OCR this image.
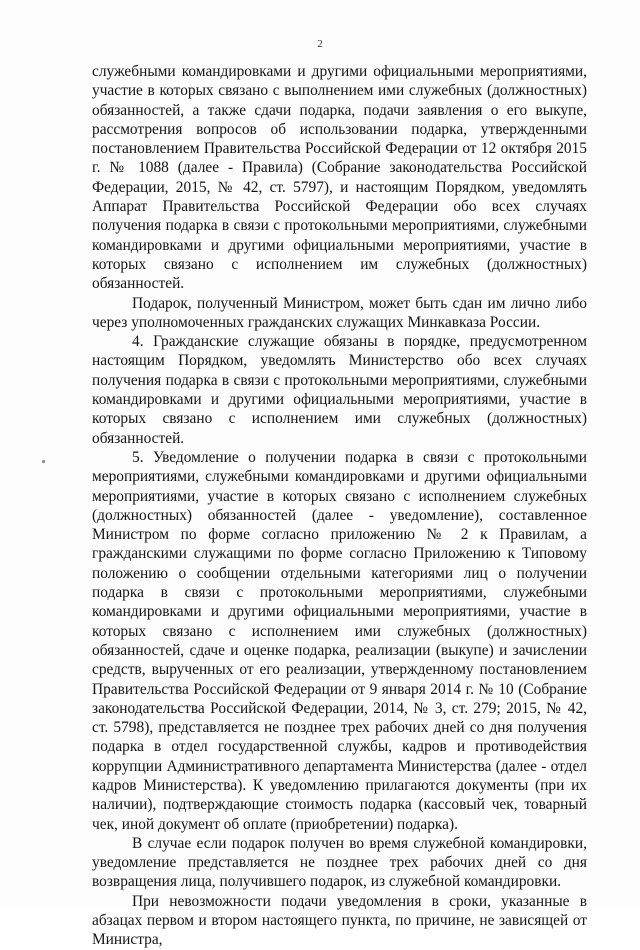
2

служебными командировками и другими официальными мероприятиями, участие в которых связано с выполнением ими служебных (должностных) обязанностей, а также сдачи подарка, подачи заявления о его выкупе, рассмотрения вопросов об использовании подарка, утвержденными постановлением Правительства Российской Федерации от 12 октября 2015 г. № 1088 (далее - Правила) (Собрание законодательства Российской Федерации, 2015, № 42, ст. 5797), и настоящим Порядком, уведомлять Аппарат Правительства Российской Федерации обо всех случаях получения подарка в связи с протокольными мероприятиями, служебными командировками и другими официальными мероприятиями, участие в которых связано с исполнением им служебных (должностных) обязанностей.

Подарок, полученный Министром, может быть сдан им лично либо через уполномоченных гражданских служащих Минкавказа России.

4. Гражданские служащие обязаны в порядке, предусмотренном настоящим Порядком, уведомлять Министерство обо всех случаях получения подарка в связи с протокольными мероприятиями, служебными командировками и другими официальными мероприятиями, участие в которых связано с исполнением ими служебных (должностных) обязанностей.

5. Уведомление о получении подарка в связи с протокольными мероприятиями, служебными командировками и другими официальными мероприятиями, участие в которых связано с исполнением служебных (должностных) обязанностей (далее - уведомление), составленное Министром по форме согласно приложению № 2 к Правилам, а гражданскими служащими по форме согласно Приложению к Типовому положению о сообщении отдельными категориями лиц о получении подарка в связи с протокольными мероприятиями, служебными командировками и другими официальными мероприятиями, участие в которых связано с исполнением ими служебных (должностных) обязанностей, сдаче и оценке подарка, реализации (выкупе) и зачислении средств, вырученных от его реализации, утвержденному постановлением Правительства Российской Федерации от 9 января 2014 г. № 10 (Собрание законодательства Российской Федерации, 2014, № 3, ст. 279; 2015, № 42, ст. 5798), представляется не позднее трех рабочих дней со дня получения подарка в отдел государственной службы, кадров и противодействия коррупции Административного департамента Министерства (далее - отдел кадров Министерства). К уведомлению прилагаются документы (при их наличии), подтверждающие стоимость подарка (кассовый чек, товарный чек, иной документ об оплате (приобретении) подарка).

В случае если подарок получен во время служебной командировки, уведомление представляется не позднее трех рабочих дней со дня возвращения лица, получившего подарок, из служебной командировки.

При невозможности подачи уведомления в сроки, указанные в абзацах первом и втором настоящего пункта, по причине, не зависящей от Министра,
